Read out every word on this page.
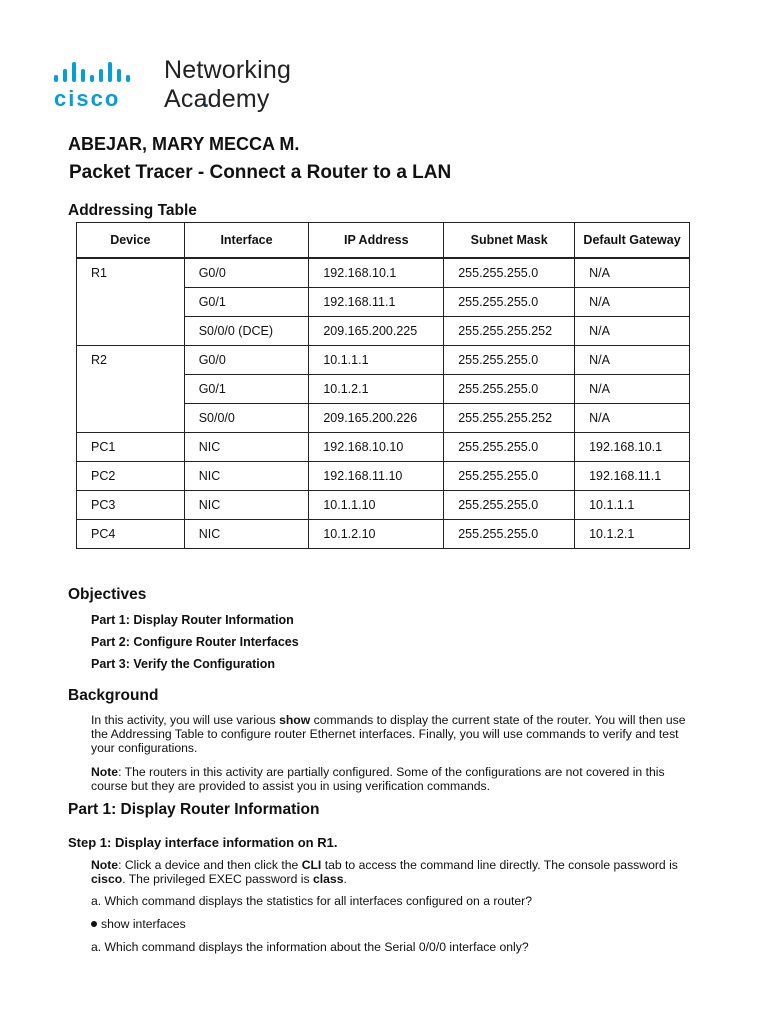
cisco
Networking
Academy
ABEJAR, MARY MECCA M.
Packet Tracer - Connect a Router to a LAN
Addressing Table
Device	Interface	IP Address	Subnet Mask	Default Gateway
R1	G0/0	192.168.10.1	255.255.255.0	N/A
	G0/1	192.168.11.1	255.255.255.0	N/A
	S0/0/0 (DCE)	209.165.200.225	255.255.255.252	N/A
R2	G0/0	10.1.1.1	255.255.255.0	N/A
	G0/1	10.1.2.1	255.255.255.0	N/A
	S0/0/0	209.165.200.226	255.255.255.252	N/A
PC1	NIC	192.168.10.10	255.255.255.0	192.168.10.1
PC2	NIC	192.168.11.10	255.255.255.0	192.168.11.1
PC3	NIC	10.1.1.10	255.255.255.0	10.1.1.1
PC4	NIC	10.1.2.10	255.255.255.0	10.1.2.1
Objectives
Part 1: Display Router Information
Part 2: Configure Router Interfaces
Part 3: Verify the Configuration
Background
In this activity, you will use various show commands to display the current state of the router. You will then use the Addressing Table to configure router Ethernet interfaces. Finally, you will use commands to verify and test your configurations.
Note: The routers in this activity are partially configured. Some of the configurations are not covered in this course but they are provided to assist you in using verification commands.
Part 1: Display Router Information
Step 1: Display interface information on R1.
Note: Click a device and then click the CLI tab to access the command line directly. The console password is cisco. The privileged EXEC password is class.
a. Which command displays the statistics for all interfaces configured on a router?
show interfaces
a. Which command displays the information about the Serial 0/0/0 interface only?
